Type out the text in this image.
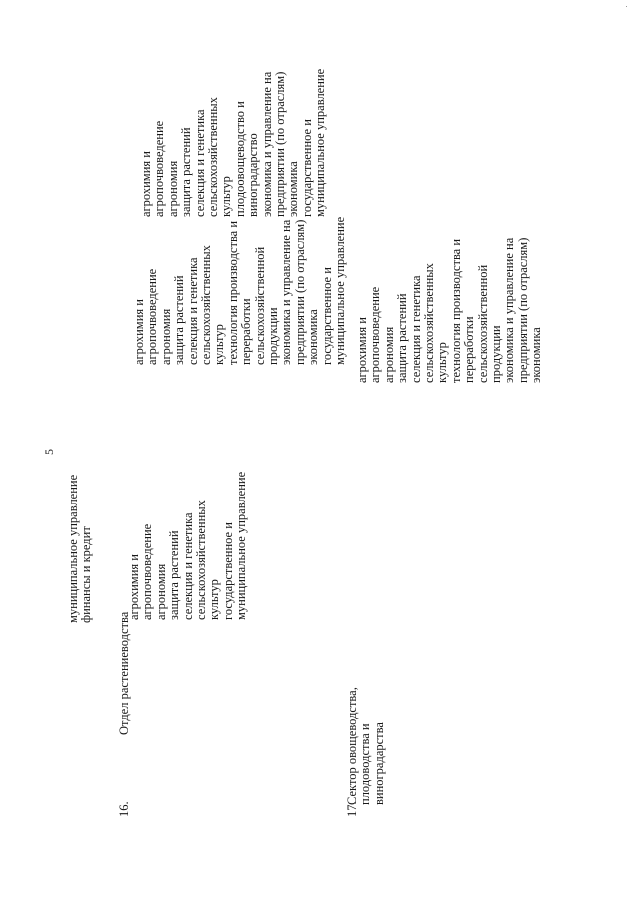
5
муниципальное управление финансы и кредит
агрохимия и агропочвоведение агрономия защита растений селекция и генетика сельскохозяйственных культур плодоовощеводство и виноградарство экономика и управление на предприятии (по отраслям) экономика государственное и муниципальное управление
16.
Отдел растениеводства
агрохимия и агропочвоведение агрономия защита растений селекция и генетика сельскохозяйственных культур государственное и муниципальное управление
агрохимия и агропочвоведение агрономия защита растений селекция и генетика сельскохозяйственных культур технология производства и переработки сельскохозяйственной продукции экономика и управление на предприятии (по отраслям) экономика государственное и муниципальное управление
17.
Сектор овощеводства, плодоводства и виноградарства
агрохимия и агропочвоведение агрономия защита растений селекция и генетика сельскохозяйственных культур технология производства и переработки сельскохозяйственной продукции экономика и управление на предприятии (по отраслям) экономика
